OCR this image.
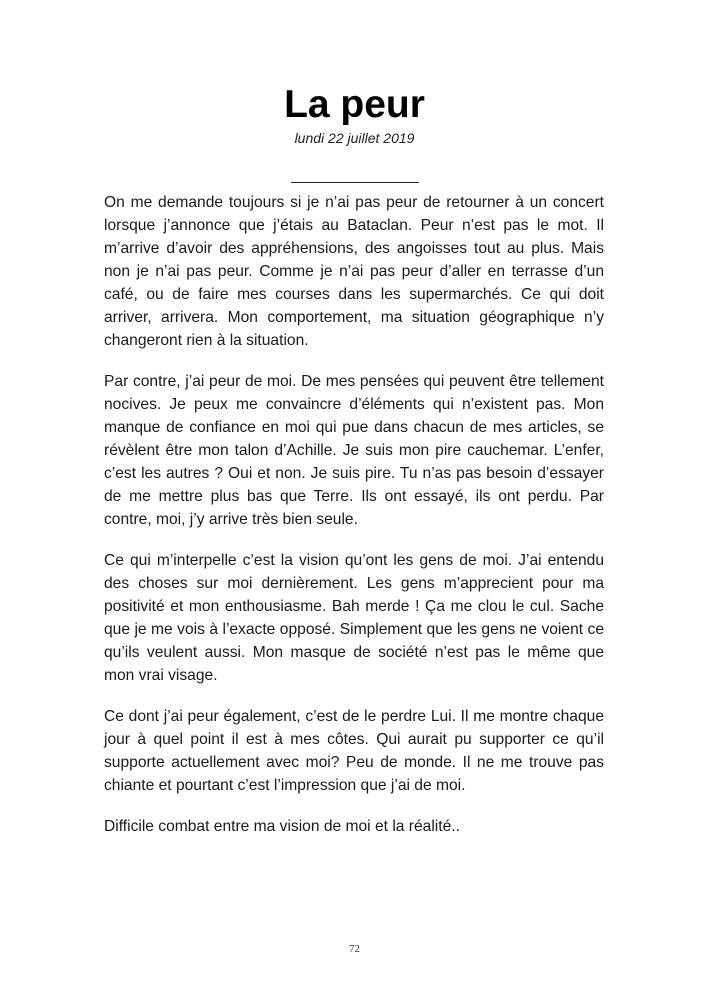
La peur
lundi 22 juillet 2019
________________

On me demande toujours si je n’ai pas peur de retourner à un concert lorsque j’annonce que j’étais au Bataclan. Peur n’est pas le mot. Il m’arrive d’avoir des appréhensions, des angoisses tout au plus. Mais non je n’ai pas peur. Comme je n’ai pas peur d’aller en terrasse d’un café, ou de faire mes courses dans les supermarchés. Ce qui doit arriver, arrivera. Mon comportement, ma situation géographique n’y changeront rien à la situation.

Par contre, j’ai peur de moi. De mes pensées qui peuvent être tellement nocives. Je peux me convaincre d’éléments qui n’existent pas. Mon manque de confiance en moi qui pue dans chacun de mes articles, se révèlent être mon talon d’Achille. Je suis mon pire cauchemar. L’enfer, c’est les autres ? Oui et non. Je suis pire. Tu n’as pas besoin d’essayer de me mettre plus bas que Terre. Ils ont essayé, ils ont perdu. Par contre, moi, j’y arrive très bien seule.

Ce qui m’interpelle c’est la vision qu’ont les gens de moi. J’ai entendu des choses sur moi dernièrement. Les gens m’apprecient pour ma positivité et mon enthousiasme. Bah merde ! Ça me clou le cul. Sache que je me vois à l’exacte opposé. Simplement que les gens ne voient ce qu’ils veulent aussi. Mon masque de société n’est pas le même que mon vrai visage.

Ce dont j’ai peur également, c’est de le perdre Lui. Il me montre chaque jour à quel point il est à mes côtes. Qui aurait pu supporter ce qu’il supporte actuellement avec moi? Peu de monde. Il ne me trouve pas chiante et pourtant c’est l’impression que j’ai de moi.

Difficile combat entre ma vision de moi et la réalité..

72
